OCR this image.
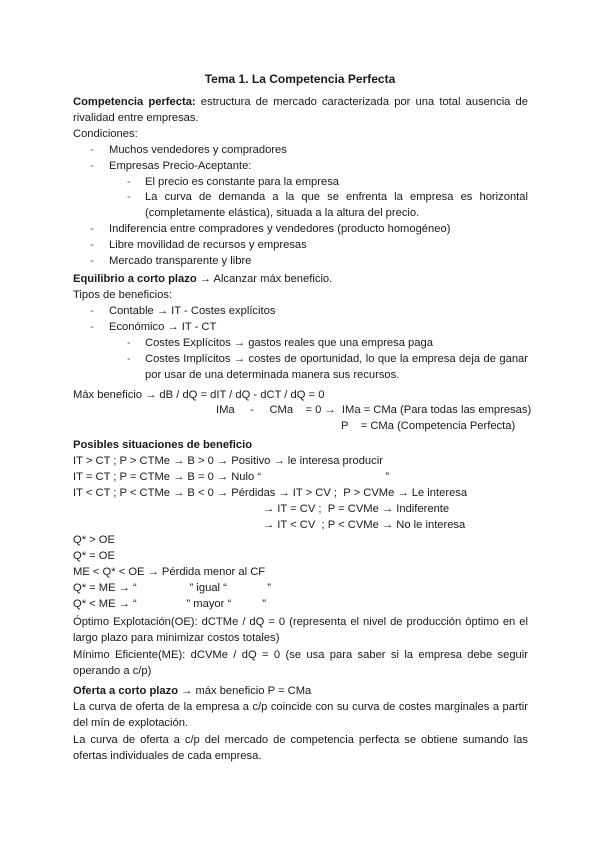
Tema 1. La Competencia Perfecta
Competencia perfecta: estructura de mercado caracterizada por una total ausencia de
rivalidad entre empresas.
Condiciones:
- Muchos vendedores y compradores
- Empresas Precio-Aceptante:
- El precio es constante para la empresa
- La curva de demanda a la que se enfrenta la empresa es horizontal
(completamente elástica), situada a la altura del precio.
- Indiferencia entre compradores y vendedores (producto homogéneo)
- Libre movilidad de recursos y empresas
- Mercado transparente y libre
Equilibrio a corto plazo → Alcanzar máx beneficio.
Tipos de beneficios:
- Contable → IT - Costes explícitos
- Económico → IT - CT
- Costes Explícitos → gastos reales que una empresa paga
- Costes Implícitos → costes de oportunidad, lo que la empresa deja de ganar
por usar de una determinada manera sus recursos.
Máx beneficio → dB / dQ = dIT / dQ - dCT / dQ = 0
IMa     -     CMa    = 0 →  IMa = CMa (Para todas las empresas)
P    = CMa (Competencia Perfecta)
Posibles situaciones de beneficio
IT > CT ; P > CTMe → B > 0 → Positivo → le interesa producir
IT = CT ; P = CTMe → B = 0 → Nulo “                                        ”
IT < CT ; P < CTMe → B < 0 → Pérdidas → IT > CV ;  P > CVMe → Le interesa
→ IT = CV ;  P = CVMe → Indiferente
→ IT < CV  ; P < CVMe → No le interesa
Q* > OE
Q* = OE
ME < Q* < OE → Pérdida menor al CF
Q* = ME → “                 ” igual “             ”
Q* < ME → “                ” mayor “          ”
Óptimo Explotación(OE): dCTMe / dQ = 0 (representa el nivel de producción óptimo en el
largo plazo para minimizar costos totales)
Mínimo Eficiente(ME): dCVMe / dQ = 0 (se usa para saber si la empresa debe seguir
operando a c/p)
Oferta a corto plazo → máx beneficio P = CMa
La curva de oferta de la empresa a c/p coincide con su curva de costes marginales a partir
del mín de explotación.
La curva de oferta a c/p del mercado de competencia perfecta se obtiene sumando las
ofertas individuales de cada empresa.
